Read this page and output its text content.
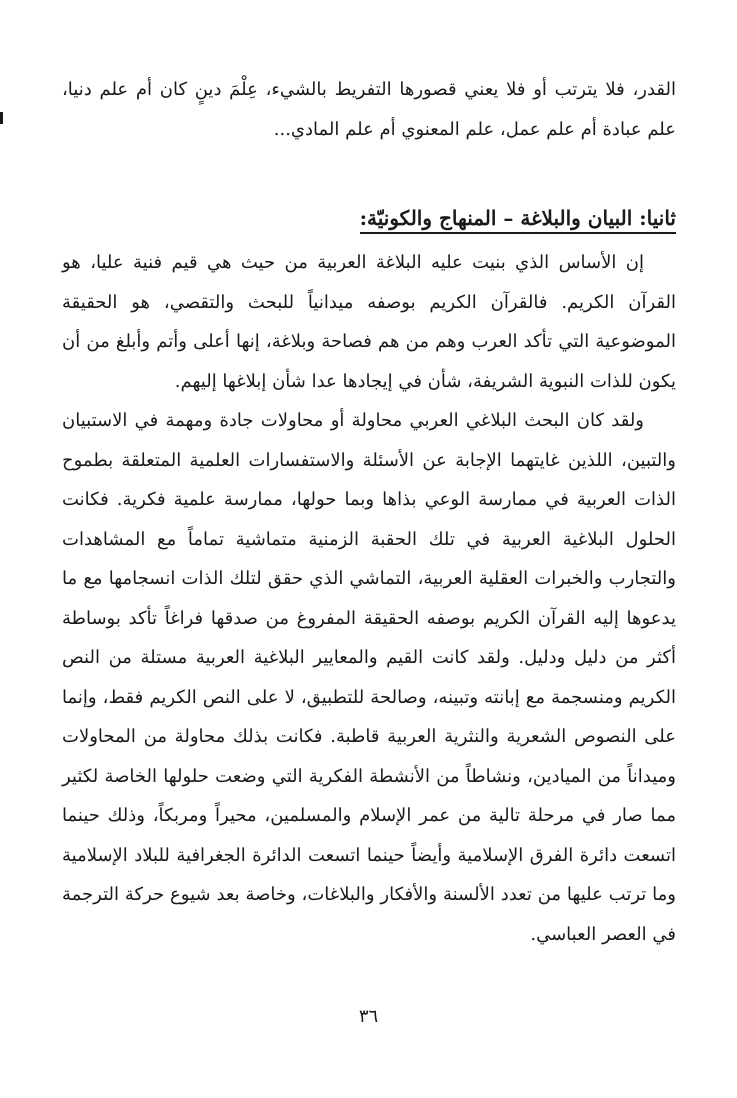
القدر، فلا يترتب أو فلا يعني قصورها التفريط بالشيء، عِلْمَ دينٍ كان أم علم دنيا، علم عبادة أم علم عمل، علم المعنوي أم علم المادي...

ثانيا: البيان والبلاغة – المنهاج والكونيّة:

إن الأساس الذي بنيت عليه البلاغة العربية من حيث هي قيم فنية عليا، هو القرآن الكريم. فالقرآن الكريم بوصفه ميدانياً للبحث والتقصي، هو الحقيقة الموضوعية التي تأكد العرب وهم من هم فصاحة وبلاغة، إنها أعلى وأتم وأبلغ من أن يكون للذات النبوية الشريفة، شأن في إيجادها عدا شأن إبلاغها إليهم.

ولقد كان البحث البلاغي العربي محاولة أو محاولات جادة ومهمة في الاستبيان والتبين، اللذين غايتهما الإجابة عن الأسئلة والاستفسارات العلمية المتعلقة بطموح الذات العربية في ممارسة الوعي بذاها وبما حولها، ممارسة علمية فكرية. فكانت الحلول البلاغية العربية في تلك الحقبة الزمنية متماشية تماماً مع المشاهدات والتجارب والخبرات العقلية العربية، التماشي الذي حقق لتلك الذات انسجامها مع ما يدعوها إليه القرآن الكريم بوصفه الحقيقة المفروغ من صدقها فراغاً تأكد بوساطة أكثر من دليل ودليل. ولقد كانت القيم والمعايير البلاغية العربية مستلة من النص الكريم ومنسجمة مع إبانته وتبينه، وصالحة للتطبيق، لا على النص الكريم فقط، وإنما على النصوص الشعرية والنثرية العربية قاطبة. فكانت بذلك محاولة من المحاولات وميداناً من الميادين، ونشاطاً من الأنشطة الفكرية التي وضعت حلولها الخاصة لكثير مما صار في مرحلة تالية من عمر الإسلام والمسلمين، محيراً ومربكاً، وذلك حينما اتسعت دائرة الفرق الإسلامية وأيضاً حينما اتسعت الدائرة الجغرافية للبلاد الإسلامية وما ترتب عليها من تعدد الألسنة والأفكار والبلاغات، وخاصة بعد شيوع حركة الترجمة في العصر العباسي.

٣٦
